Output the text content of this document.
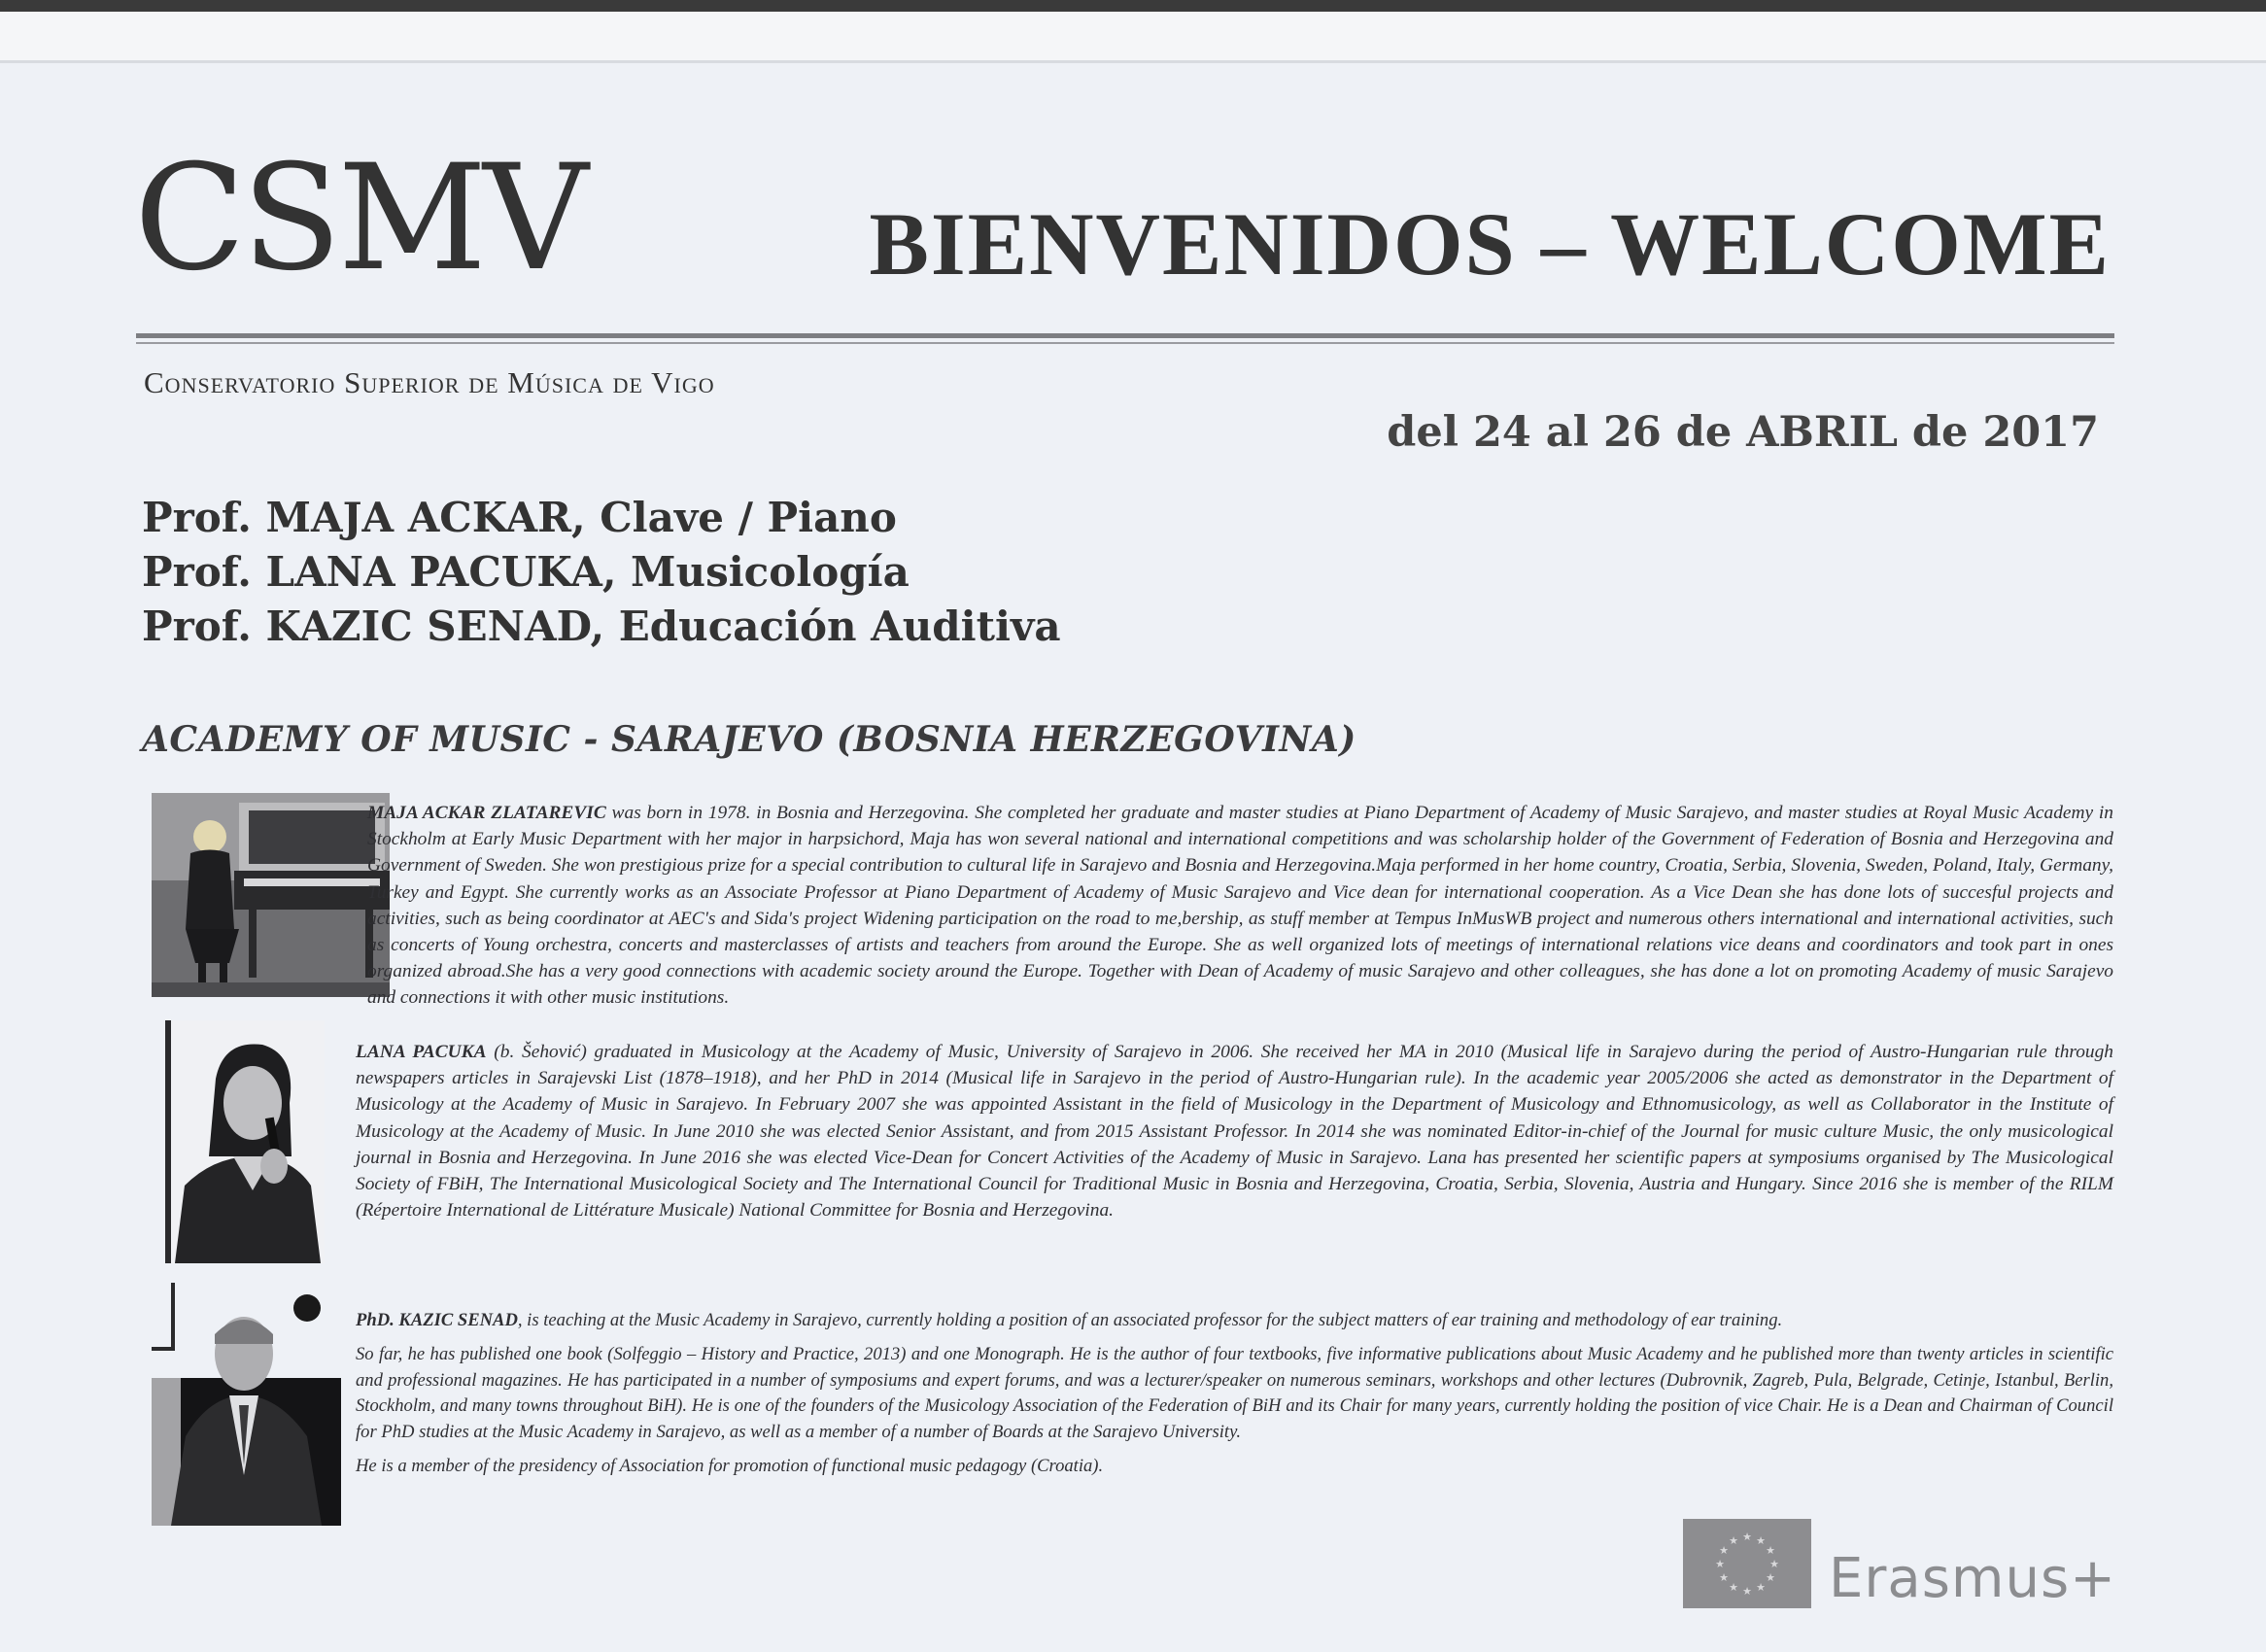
CSMV	BIENVENIDOS – WELCOME
Conservatorio Superior de Música de Vigo
del 24 al 26 de ABRIL de 2017
Prof. MAJA ACKAR, Clave / Piano
Prof. LANA PACUKA, Musicología
Prof. KAZIC SENAD, Educación Auditiva
ACADEMY OF MUSIC - SARAJEVO (BOSNIA HERZEGOVINA)
MAJA ACKAR ZLATAREVIC was born in 1978. in Bosnia and Herzegovina. She completed her graduate and master studies at Piano Department of Academy of Music Sarajevo, and master studies at Royal Music Academy in Stockholm at Early Music Department with her major in harpsichord, Maja has won several national and international competitions and was scholarship holder of the Government of Federation of Bosnia and Herzegovina and Government of Sweden. She won prestigious prize for a special contribution to cultural life in Sarajevo and Bosnia and Herzegovina.Maja performed in her home country, Croatia, Serbia, Slovenia, Sweden, Poland, Italy, Germany, Turkey and Egypt. She currently works as an Associate Professor at Piano Department of Academy of Music Sarajevo and Vice dean for international cooperation. As a Vice Dean she has done lots of succesful projects and activities, such as being coordinator at AEC's and Sida's project Widening participation on the road to me,bership, as stuff member at Tempus InMusWB project and numerous others international and international activities, such as concerts of Young orchestra, concerts and masterclasses of artists and teachers from around the Europe. She as well organized lots of meetings of international relations vice deans and coordinators and took part in ones organized abroad.She has a very good connections with academic society around the Europe. Together with Dean of Academy of music Sarajevo and other colleagues, she has done a lot on promoting Academy of music Sarajevo and connections it with other music institutions.
LANA PACUKA (b. Šehović) graduated in Musicology at the Academy of Music, University of Sarajevo in 2006. She received her MA in 2010 (Musical life in Sarajevo during the period of Austro-Hungarian rule through newspapers articles in Sarajevski List (1878–1918), and her PhD in 2014 (Musical life in Sarajevo in the period of Austro-Hungarian rule). In the academic year 2005/2006 she acted as demonstrator in the Department of Musicology at the Academy of Music in Sarajevo. In February 2007 she was appointed Assistant in the field of Musicology in the Department of Musicology and Ethnomusicology, as well as Collaborator in the Institute of Musicology at the Academy of Music. In June 2010 she was elected Senior Assistant, and from 2015 Assistant Professor. In 2014 she was nominated Editor-in-chief of the Journal for music culture Music, the only musicological journal in Bosnia and Herzegovina. In June 2016 she was elected Vice-Dean for Concert Activities of the Academy of Music in Sarajevo. Lana has presented her scientific papers at symposiums organised by The Musicological Society of FBiH, The International Musicological Society and The International Council for Traditional Music in Bosnia and Herzegovina, Croatia, Serbia, Slovenia, Austria and Hungary. Since 2016 she is member of the RILM (Répertoire International de Littérature Musicale) National Committee for Bosnia and Herzegovina.

PhD. KAZIC SENAD, is teaching at the Music Academy in Sarajevo, currently holding a position of an associated professor for the subject matters of ear training and methodology of ear training.

So far, he has published one book (Solfeggio – History and Practice, 2013) and one Monograph. He is the author of four textbooks, five informative publications about Music Academy and he published more than twenty articles in scientific and professional magazines. He has participated in a number of symposiums and expert forums, and was a lecturer/speaker on numerous seminars, workshops and other lectures (Dubrovnik, Zagreb, Pula, Belgrade, Cetinje, Istanbul, Berlin, Stockholm, and many towns throughout BiH). He is one of the founders of the Musicology Association of the Federation of BiH and its Chair for many years, currently holding the position of vice Chair. He is a Dean and Chairman of Council for PhD studies at the Music Academy in Sarajevo, as well as a member of a number of Boards at the Sarajevo University.

He is a member of the presidency of Association for promotion of functional music pedagogy (Croatia).

★ ★
★
★
★
★
★
★
★
★
★
★
Erasmus+
